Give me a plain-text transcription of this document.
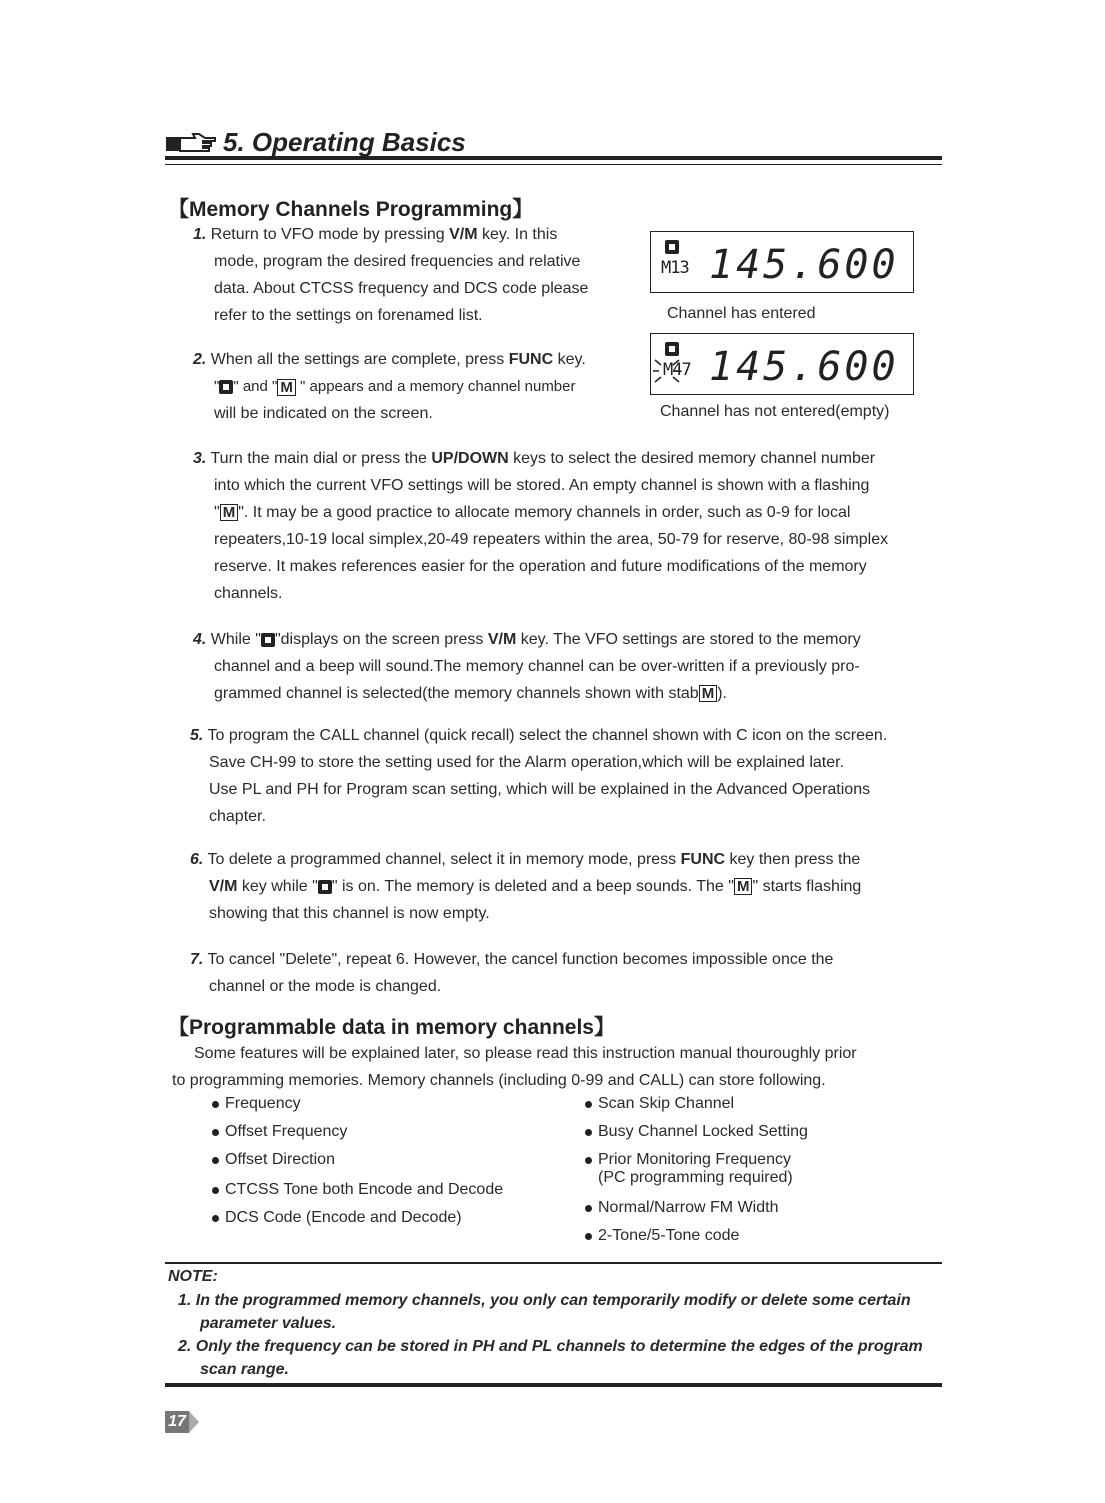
5. Operating Basics
【Memory Channels Programming】
1. Return to VFO mode by pressing V/M key. In this
mode, program the desired frequencies and relative
data. About CTCSS frequency and DCS code please
refer to the settings on forenamed list.
M13 145.600
Channel has entered
2. When all the settings are complete, press FUNC key.
" " and " M " appears and a memory channel number
will be indicated on the screen.
M47 145.600
Channel has not entered(empty)
3. Turn the main dial or press the UP/DOWN keys to select the desired memory channel number
into which the current VFO settings will be stored. An empty channel is shown with a flashing
" M ". It may be a good practice to allocate memory channels in order, such as 0-9 for local
repeaters,10-19 local simplex,20-49 repeaters within the area, 50-79 for reserve, 80-98 simplex
reserve. It makes references easier for the operation and future modifications of the memory
channels.
4. While " "displays on the screen press V/M key. The VFO settings are stored to the memory
channel and a beep will sound.The memory channel can be over-written if a previously pro-
grammed channel is selected(the memory channels shown with stab M ).
5. To program the CALL channel (quick recall) select the channel shown with C icon on the screen.
Save CH-99 to store the setting used for the Alarm operation,which will be explained later.
Use PL and PH for Program scan setting, which will be explained in the Advanced Operations
chapter.
6. To delete a programmed channel, select it in memory mode, press FUNC key then press the
V/M key while " " is on. The memory is deleted and a beep sounds. The " M " starts flashing
showing that this channel is now empty.
7. To cancel "Delete", repeat 6. However, the cancel function becomes impossible once the
channel or the mode is changed.
【Programmable data in memory channels】
Some features will be explained later, so please read this instruction manual thouroughly prior
to programming memories. Memory channels (including 0-99 and CALL) can store following.
Frequency
Offset Frequency
Offset Direction
CTCSS Tone both Encode and Decode
DCS Code (Encode and Decode)
Scan Skip Channel
Busy Channel Locked Setting
Prior Monitoring Frequency
(PC programming required)
Normal/Narrow FM Width
2-Tone/5-Tone code
NOTE:
1. In the programmed memory channels, you only can temporarily modify or delete some certain
parameter values.
2. Only the frequency can be stored in PH and PL channels to determine the edges of the program
scan range.
17
